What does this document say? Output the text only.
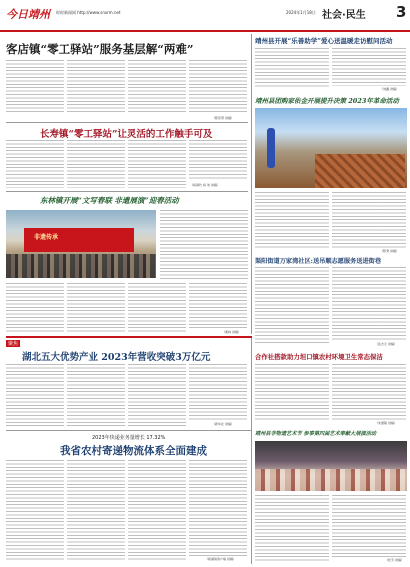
今日靖州 时时新闻网 http://www.snxrm.net	2024年1月18日 社会·民生 3
客店镇“零工驿站”服务基层解“两难”
（陈彤贤 供稿）
长寿镇“零工驿站”让灵活的工作触手可及
（杨春竹 杨 刘 供稿）
东林镇开展“文写春联 非遗展演”迎春活动
非遗传承
（黄林 供稿）
靖州县开展“乐善助学”爱心送温暖走访慰问活动
（刘鑫 供稿）
靖州县团购家佑金开展提升决策 2023年革命活动
（陈秀 供稿）
渠阳街道万家湾社区:送吊顺志愿服务送进街巷
（张志元 供稿）
合作社搭款助力坦口镇农村环境卫生常态保洁
（朱国聪 供稿）
靖州县非物遗艺术节 参事第四届艺术奉献大展演活动
（杜芳 供稿）
聚焦
湖北五大优势产业 2023年营收突破3万亿元
（新华社 供稿）
2023年快递业务量增长 17.32%
我省农村寄递物流体系全面建成
（新湖南客户端 供稿）
